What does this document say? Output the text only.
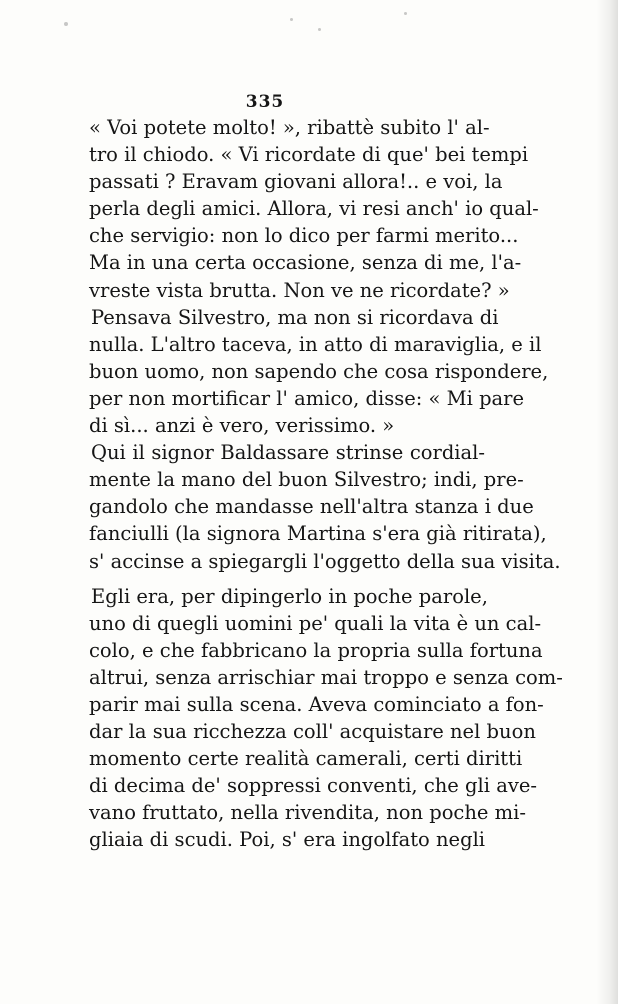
335
« Voi potete molto! », ribattè subito l' al-
tro il chiodo. « Vi ricordate di que' bei tempi
passati ? Eravam giovani allora!.. e voi, la
perla degli amici. Allora, vi resi anch' io qual-
che servigio: non lo dico per farmi merito...
Ma in una certa occasione, senza di me, l'a-
vreste vista brutta. Non ve ne ricordate? »
Pensava Silvestro, ma non si ricordava di
nulla. L'altro taceva, in atto di maraviglia, e il
buon uomo, non sapendo che cosa rispondere,
per non mortificar l' amico, disse: « Mi pare
di sì... anzi è vero, verissimo. »
Qui il signor Baldassare strinse cordial-
mente la mano del buon Silvestro; indi, pre-
gandolo che mandasse nell'altra stanza i due
fanciulli (la signora Martina s'era già ritirata),
s' accinse a spiegargli l'oggetto della sua visita.
Egli era, per dipingerlo in poche parole,
uno di quegli uomini pe' quali la vita è un cal-
colo, e che fabbricano la propria sulla fortuna
altrui, senza arrischiar mai troppo e senza com-
parir mai sulla scena. Aveva cominciato a fon-
dar la sua ricchezza coll' acquistare nel buon
momento certe realità camerali, certi diritti
di decima de' soppressi conventi, che gli ave-
vano fruttato, nella rivendita, non poche mi-
gliaia di scudi. Poi, s' era ingolfato negli
